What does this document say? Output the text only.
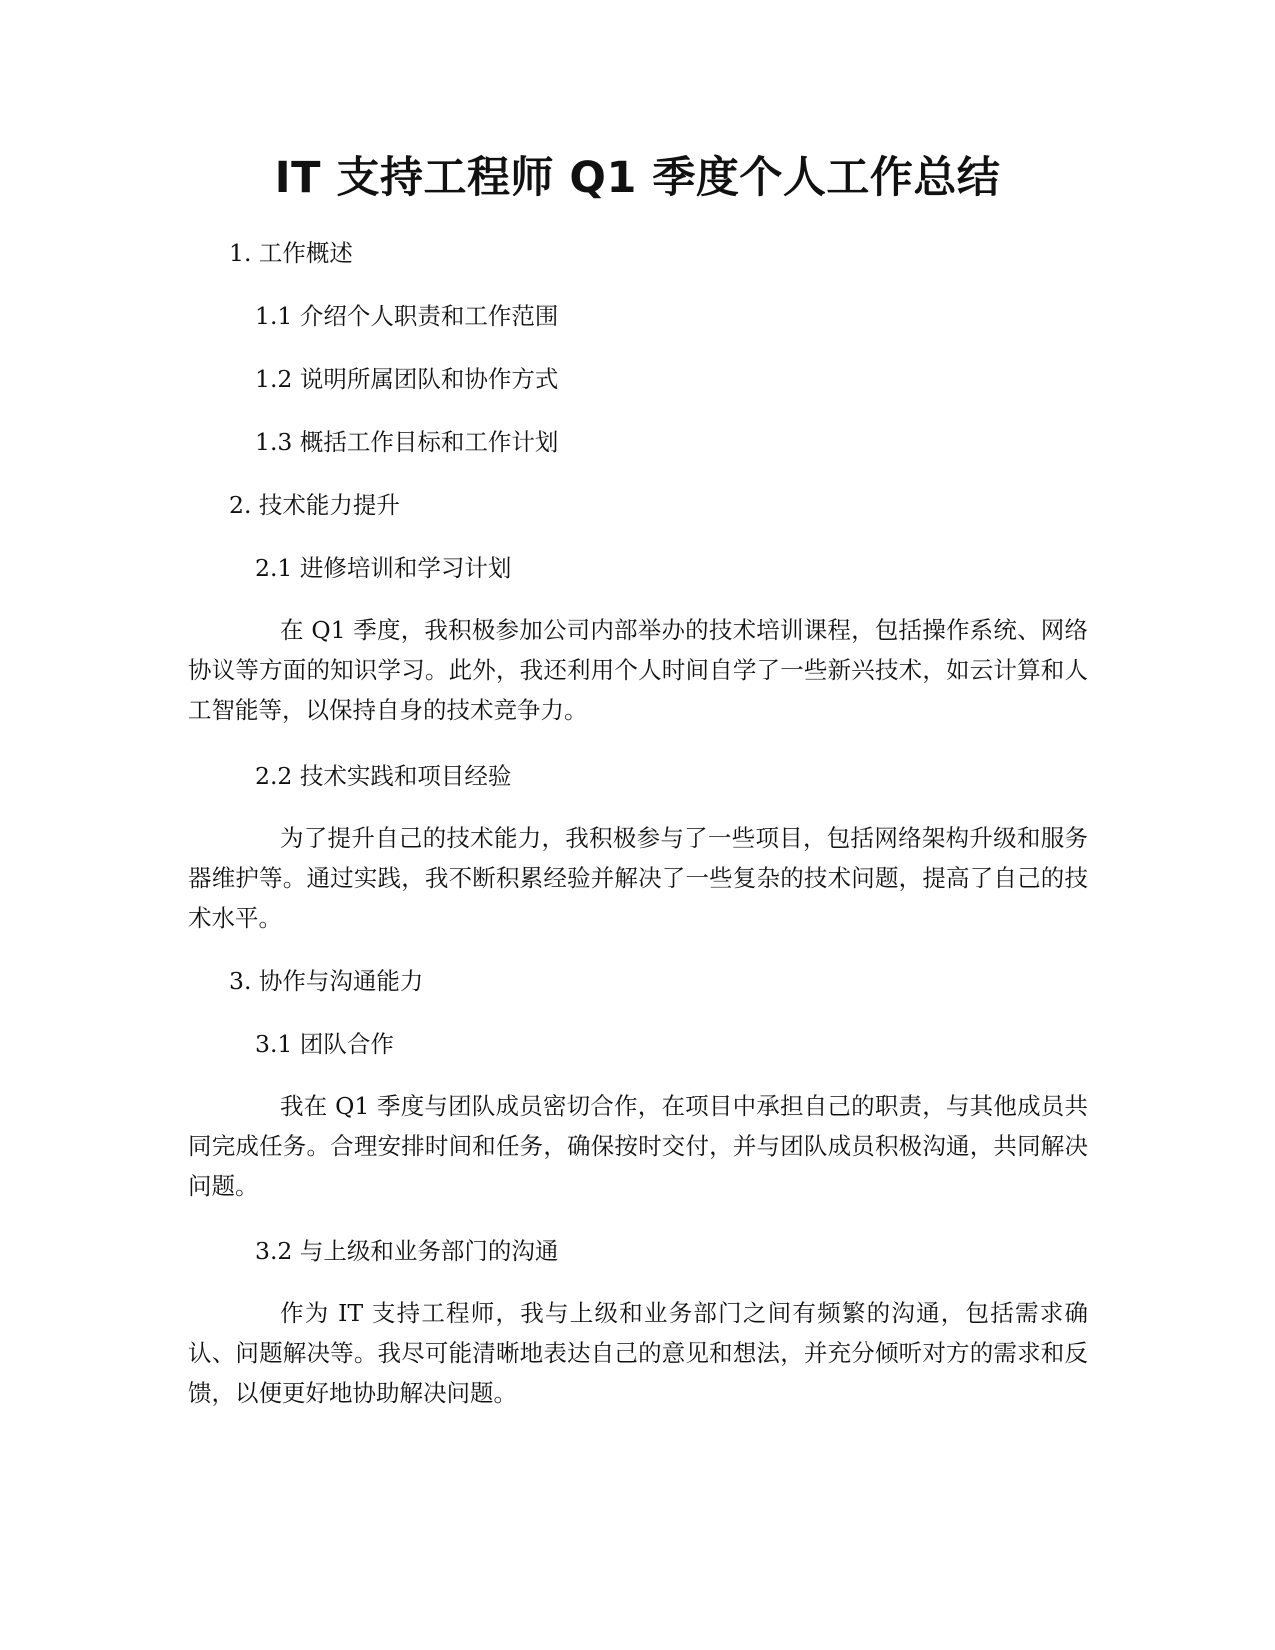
IT 支持工程师 Q1 季度个人工作总结
1. 工作概述
1.1 介绍个人职责和工作范围
1.2 说明所属团队和协作方式
1.3 概括工作目标和工作计划
2. 技术能力提升
2.1 进修培训和学习计划
在 Q1 季度，我积极参加公司内部举办的技术培训课程，包括操作系统、网络协议等方面的知识学习。此外，我还利用个人时间自学了一些新兴技术，如云计算和人工智能等，以保持自身的技术竞争力。
2.2 技术实践和项目经验
为了提升自己的技术能力，我积极参与了一些项目，包括网络架构升级和服务器维护等。通过实践，我不断积累经验并解决了一些复杂的技术问题，提高了自己的技术水平。
3. 协作与沟通能力
3.1 团队合作
我在 Q1 季度与团队成员密切合作，在项目中承担自己的职责，与其他成员共同完成任务。合理安排时间和任务，确保按时交付，并与团队成员积极沟通，共同解决问题。
3.2 与上级和业务部门的沟通
作为 IT 支持工程师，我与上级和业务部门之间有频繁的沟通，包括需求确认、问题解决等。我尽可能清晰地表达自己的意见和想法，并充分倾听对方的需求和反馈，以便更好地协助解决问题。
